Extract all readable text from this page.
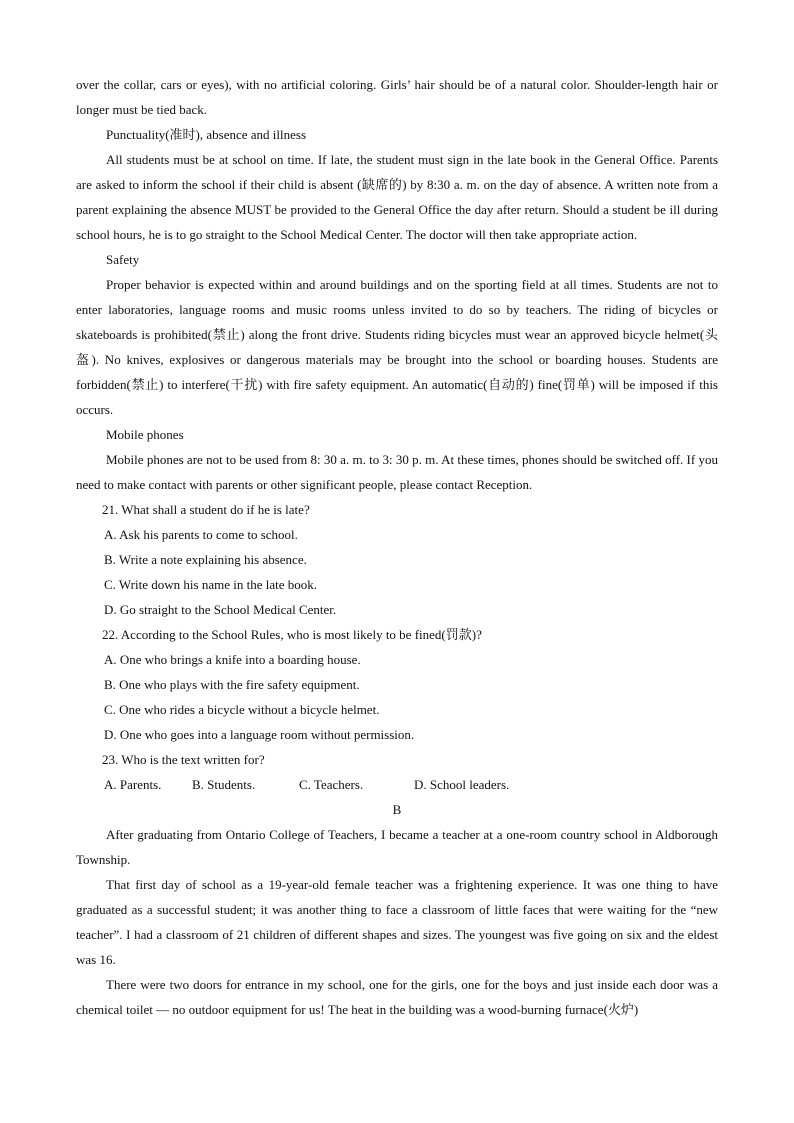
over the collar, cars or eyes), with no artificial coloring. Girls’ hair should be of a natural color. Shoulder-length hair or longer must be tied back.

Punctuality(准时), absence and illness

All students must be at school on time. If late, the student must sign in the late book in the General Office. Parents are asked to inform the school if their child is absent (缺席的) by 8:30 a. m. on the day of absence. A written note from a parent explaining the absence MUST be provided to the General Office the day after return. Should a student be ill during school hours, he is to go straight to the School Medical Center. The doctor will then take appropriate action.

Safety

Proper behavior is expected within and around buildings and on the sporting field at all times. Students are not to enter laboratories, language rooms and music rooms unless invited to do so by teachers. The riding of bicycles or skateboards is prohibited(禁止) along the front drive. Students riding bicycles must wear an approved bicycle helmet(头盔). No knives, explosives or dangerous materials may be brought into the school or boarding houses. Students are forbidden(禁止) to interfere(干扰) with fire safety equipment. An automatic(自动的) fine(罚单) will be imposed if this occurs.

Mobile phones

Mobile phones are not to be used from 8: 30 a. m. to 3: 30 p. m. At these times, phones should be switched off. If you need to make contact with parents or other significant people, please contact Reception.

21. What shall a student do if he is late?

A. Ask his parents to come to school.

B. Write a note explaining his absence.

C. Write down his name in the late book.

D. Go straight to the School Medical Center.

22. According to the School Rules, who is most likely to be fined(罚款)?

A. One who brings a knife into a boarding house.

B. One who plays with the fire safety equipment.

C. One who rides a bicycle without a bicycle helmet.

D. One who goes into a language room without permission.

23. Who is the text written for?

A. Parents.	B. Students.	C. Teachers.	D. School leaders.

B

After graduating from Ontario College of Teachers, I became a teacher at a one-room country school in Aldborough Township.

That first day of school as a 19-year-old female teacher was a frightening experience. It was one thing to have graduated as a successful student; it was another thing to face a classroom of little faces that were waiting for the “new teacher”. I had a classroom of 21 children of different shapes and sizes. The youngest was five going on six and the eldest was 16.

There were two doors for entrance in my school, one for the girls, one for the boys and just inside each door was a chemical toilet — no outdoor equipment for us! The heat in the building was a wood-burning furnace(火炉)
